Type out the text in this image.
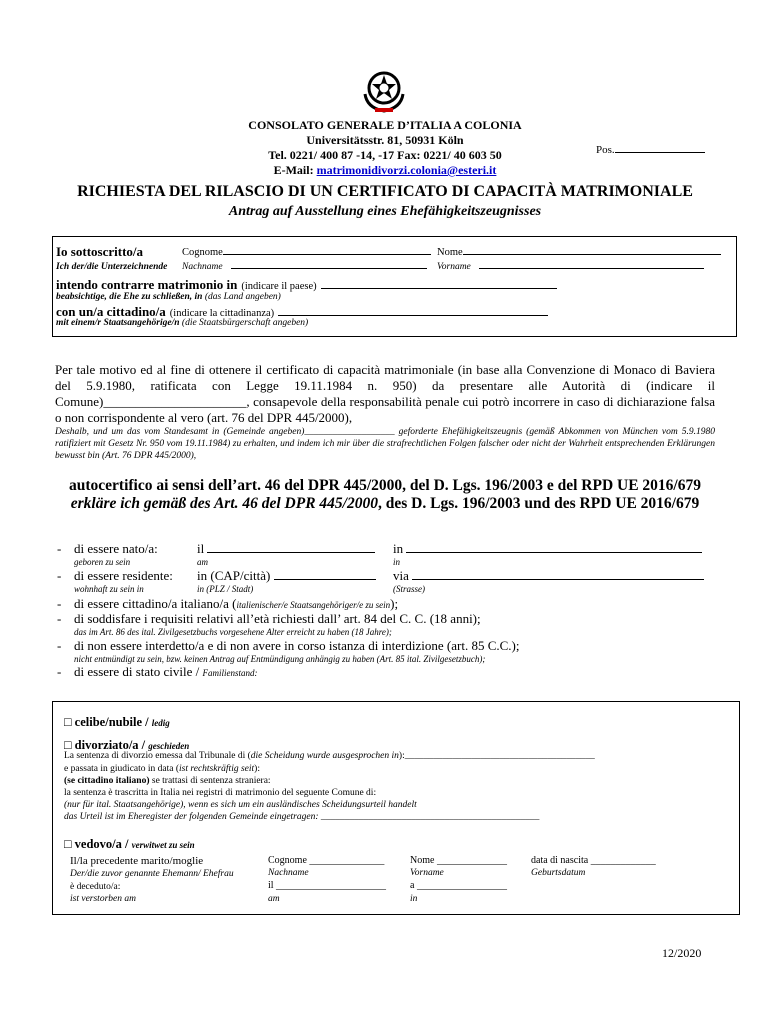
CONSOLATO GENERALE D’ITALIA A COLONIA
Universitätsstr. 81, 50931 Köln
Tel. 0221/ 400 87 -14, -17 Fax: 0221/ 40 603 50
E-Mail: matrimonidivorzi.colonia@esteri.it
Pos.
RICHIESTA DEL RILASCIO DI UN CERTIFICATO DI CAPACITÀ MATRIMONIALE
Antrag auf Ausstellung eines Ehefähigkeitszeugnisses
Io sottoscritto/a
Ich der/die Unterzeichnende
Cognome
Nachname
Nome
Vorname
intendo contrarre matrimonio in (indicare il paese)
beabsichtige, die Ehe zu schließen, in (das Land angeben)
con un/a cittadino/a (indicare la cittadinanza)
mit einem/r Staatsangehörige/n (die Staatsbürgerschaft angeben)
Per tale motivo ed al fine di ottenere il certificato di capacità matrimoniale (in base alla Convenzione di Monaco di Baviera del 5.9.1980, ratificata con Legge 19.11.1984 n. 950) da presentare alle Autorità di (indicare il Comune)______________________, consapevole della responsabilità penale cui potrò incorrere in caso di dichiarazione falsa o non corrispondente al vero (art. 76 del DPR 445/2000),
Deshalb, und um das vom Standesamt in (Gemeinde angeben)___________________ geforderte Ehefähigkeitszeugnis (gemäß Abkommen von München vom 5.9.1980 ratifiziert mit Gesetz Nr. 950 vom 19.11.1984) zu erhalten, und indem ich mir über die strafrechtlichen Folgen falscher oder nicht der Wahrheit entsprechenden Erklärungen bewusst bin (Art. 76 DPR 445/2000),
autocertifico ai sensi dell’art. 46 del DPR 445/2000, del D. Lgs. 196/2003 e del RPD UE 2016/679
erkläre ich gemäß des Art. 46 del DPR 445/2000, des D. Lgs. 196/2003 und des RPD UE 2016/679
- di essere nato/a:
geboren zu sein
il
am
in
in
- di essere residente:
wohnhaft zu sein in
in (CAP/città)
in (PLZ / Stadt)
via
(Strasse)
- di essere cittadino/a italiano/a (italienischer/e Staatsangehöriger/e zu sein);
- di soddisfare i requisiti relativi all’età richiesti dall’ art. 84 del C. C. (18 anni);
das im Art. 86 des ital. Zivilgesetzbuchs vorgesehene Alter erreicht zu haben (18 Jahre);
- di non essere interdetto/a e di non avere in corso istanza di interdizione (art. 85 C.C.);
nicht entmündigt zu sein, bzw. keinen Antrag auf Entmündigung anhängig zu haben (Art. 85 ital. Zivilgesetzbuch);
- di essere di stato civile / Familienstand:
□ celibe/nubile / ledig
□ divorziato/a / geschieden
La sentenza di divorzio emessa dal Tribunale di (die Scheidung wurde ausgesprochen in):________________________________________
e passata in giudicato in data (ist rechtskräftig seit):
(se cittadino italiano) se trattasi di sentenza straniera:
la sentenza è trascritta in Italia nei registri di matrimonio del seguente Comune di:
(nur für ital. Staatsangehörige), wenn es sich um ein ausländisches Scheidungsurteil handelt
das Urteil ist im Eheregister der folgenden Gemeinde eingetragen: ______________________________________________
□ vedovo/a / verwitwet zu sein
Il/la precedente marito/moglie
Der/die zuvor genannte Ehemann/ Ehefrau
è deceduto/a:
ist verstorben am
Cognome _______________
Nachname
il ______________________
am
Nome ______________
Vorname
a __________________
in
data di nascita _____________
Geburtsdatum
12/2020
